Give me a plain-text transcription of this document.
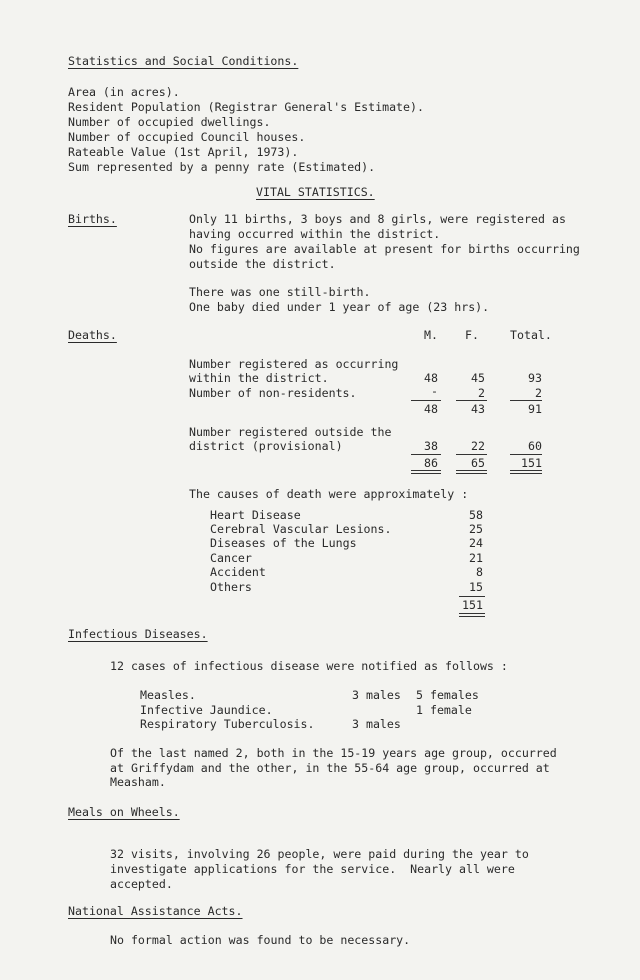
Statistics and Social Conditions.
Area (in acres).
Resident Population (Registrar General's Estimate).
Number of occupied dwellings.
Number of occupied Council houses.
Rateable Value (1st April, 1973).
Sum represented by a penny rate (Estimated).
VITAL STATISTICS.
Births.	Only 11 births, 3 boys and 8 girls, were registered as
having occurred within the district.
No figures are available at present for births occurring
outside the district.
There was one still-birth.
One baby died under 1 year of age (23 hrs).
Deaths.	M. F.	Total.
Number registered as occurring
within the district.	48	45	93
Number of non-residents.	-	2	2
48	43	91
Number registered outside the
district (provisional)	38	22	60
86	65	151
The causes of death were approximately :
Heart Disease	58
Cerebral Vascular Lesions.	25
Diseases of the Lungs	24
Cancer	21
Accident	8
Others	15
151
Infectious Diseases.
12 cases of infectious disease were notified as follows :
Measles.	3 males 5 females
Infective Jaundice.	1 female
Respiratory Tuberculosis.	3 males
Of the last named 2, both in the 15-19 years age group, occurred
at Griffydam and the other, in the 55-64 age group, occurred at
Measham.
Meals on Wheels.
32 visits, involving 26 people, were paid during the year to
investigate applications for the service.  Nearly all were
accepted.
National Assistance Acts.
No formal action was found to be necessary.
